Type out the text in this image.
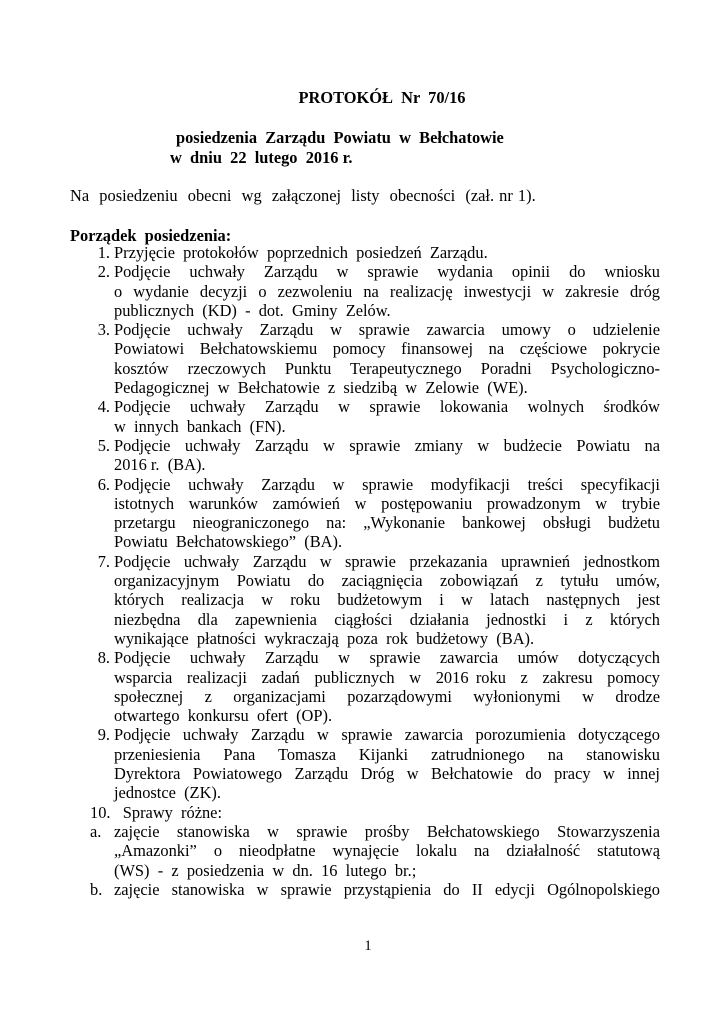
PROTOKÓŁ  Nr  70/16
posiedzenia  Zarządu  Powiatu  w  Bełchatowie
w  dniu  22  lutego  2016 r.
Na  posiedzeniu  obecni  wg  załączonej  listy  obecności  (zał. nr 1).
Porządek  posiedzenia:
1. Przyjęcie  protokołów  poprzednich  posiedzeń  Zarządu.
2. Podjęcie  uchwały  Zarządu  w  sprawie  wydania  opinii  do  wniosku
o  wydanie  decyzji  o  zezwoleniu  na  realizację  inwestycji  w  zakresie  dróg
publicznych  (KD)  -  dot.  Gminy  Zelów.
3. Podjęcie  uchwały  Zarządu  w  sprawie  zawarcia  umowy  o  udzielenie
Powiatowi  Bełchatowskiemu  pomocy  finansowej  na  częściowe  pokrycie
kosztów  rzeczowych  Punktu  Terapeutycznego  Poradni  Psychologiczno-
Pedagogicznej  w  Bełchatowie  z  siedzibą  w  Zelowie  (WE).
4. Podjęcie  uchwały  Zarządu  w  sprawie  lokowania  wolnych  środków
w  innych  bankach  (FN).
5. Podjęcie  uchwały  Zarządu  w  sprawie  zmiany  w  budżecie  Powiatu  na
2016 r.  (BA).
6. Podjęcie  uchwały  Zarządu  w  sprawie  modyfikacji  treści  specyfikacji
istotnych  warunków  zamówień  w  postępowaniu  prowadzonym  w  trybie
przetargu  nieograniczonego  na:  „Wykonanie  bankowej  obsługi  budżetu
Powiatu  Bełchatowskiego”  (BA).
7. Podjęcie  uchwały  Zarządu  w  sprawie  przekazania  uprawnień  jednostkom
organizacyjnym  Powiatu  do  zaciągnięcia  zobowiązań  z  tytułu  umów,
których  realizacja  w  roku  budżetowym  i  w  latach  następnych  jest
niezbędna  dla  zapewnienia  ciągłości  działania  jednostki  i  z  których
wynikające  płatności  wykraczają  poza  rok  budżetowy  (BA).
8. Podjęcie  uchwały  Zarządu  w  sprawie  zawarcia  umów  dotyczących
wsparcia  realizacji  zadań  publicznych  w  2016 roku  z  zakresu  pomocy
społecznej  z  organizacjami  pozarządowymi  wyłonionymi  w  drodze
otwartego  konkursu  ofert  (OP).
9. Podjęcie  uchwały  Zarządu  w  sprawie  zawarcia  porozumienia  dotyczącego
przeniesienia  Pana  Tomasza  Kijanki  zatrudnionego  na  stanowisku
Dyrektora  Powiatowego  Zarządu  Dróg  w  Bełchatowie  do  pracy  w  innej
jednostce  (ZK).
10.   Sprawy  różne:
a. zajęcie  stanowiska  w  sprawie  prośby  Bełchatowskiego  Stowarzyszenia
„Amazonki”  o  nieodpłatne  wynajęcie  lokalu  na  działalność  statutową
(WS)  -  z  posiedzenia  w  dn.  16  lutego  br.;
b. zajęcie  stanowiska  w  sprawie  przystąpienia  do  II  edycji  Ogólnopolskiego
1
